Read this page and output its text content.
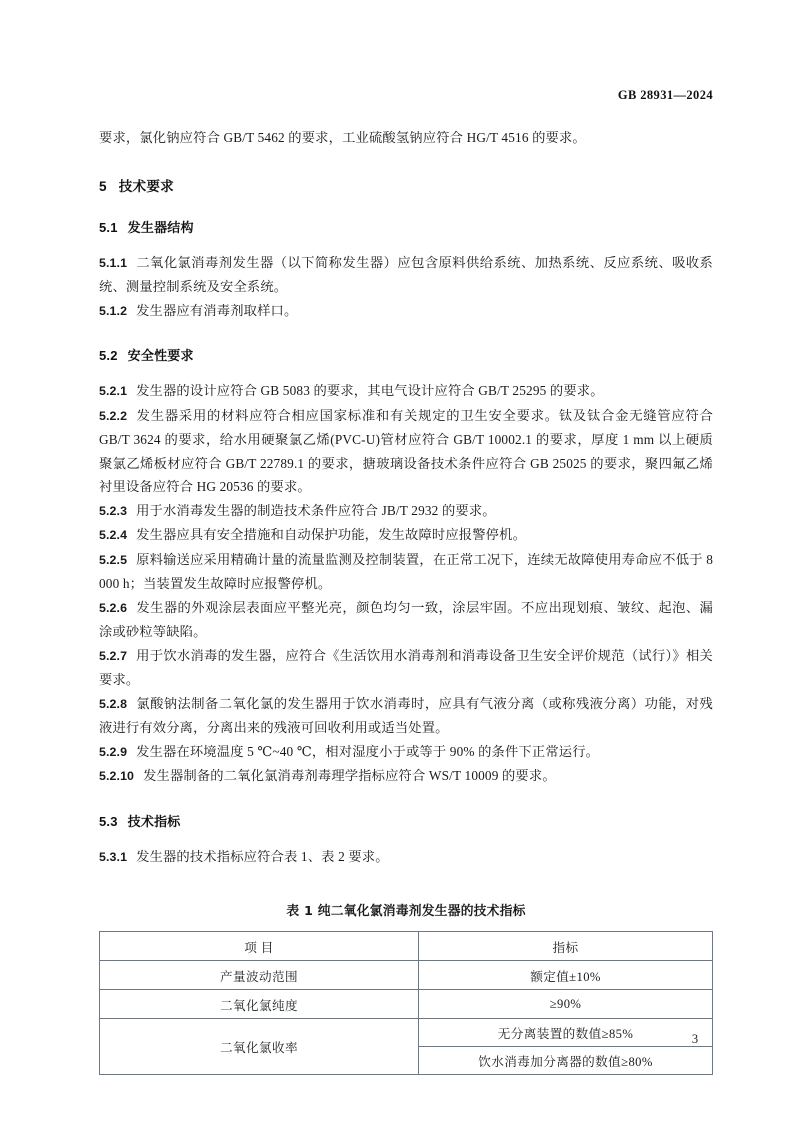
GB 28931—2024

要求，氯化钠应符合 GB/T 5462 的要求，工业硫酸氢钠应符合 HG/T 4516 的要求。

5 技术要求
5.1 发生器结构

5.1.1 二氧化氯消毒剂发生器（以下简称发生器）应包含原料供给系统、加热系统、反应系统、吸收系统、测量控制系统及安全系统。

5.1.2 发生器应有消毒剂取样口。

5.2 安全性要求

5.2.1 发生器的设计应符合 GB 5083 的要求，其电气设计应符合 GB/T 25295 的要求。

5.2.2 发生器采用的材料应符合相应国家标准和有关规定的卫生安全要求。钛及钛合金无缝管应符合 GB/T 3624 的要求，给水用硬聚氯乙烯(PVC-U)管材应符合 GB/T 10002.1 的要求，厚度 1 mm 以上硬质聚氯乙烯板材应符合 GB/T 22789.1 的要求，搪玻璃设备技术条件应符合 GB 25025 的要求，聚四氟乙烯衬里设备应符合 HG 20536 的要求。

5.2.3 用于水消毒发生器的制造技术条件应符合 JB/T 2932 的要求。

5.2.4 发生器应具有安全措施和自动保护功能，发生故障时应报警停机。

5.2.5 原料输送应采用精确计量的流量监测及控制装置，在正常工况下，连续无故障使用寿命应不低于 8 000 h；当装置发生故障时应报警停机。

5.2.6 发生器的外观涂层表面应平整光亮，颜色均匀一致，涂层牢固。不应出现划痕、皱纹、起泡、漏涂或砂粒等缺陷。

5.2.7 用于饮水消毒的发生器，应符合《生活饮用水消毒剂和消毒设备卫生安全评价规范（试行）》相关要求。

5.2.8 氯酸钠法制备二氧化氯的发生器用于饮水消毒时，应具有气液分离（或称残液分离）功能，对残液进行有效分离，分离出来的残液可回收利用或适当处置。

5.2.9 发生器在环境温度 5 ℃~40 ℃，相对湿度小于或等于 90% 的条件下正常运行。

5.2.10 发生器制备的二氧化氯消毒剂毒理学指标应符合 WS/T 10009 的要求。

5.3 技术指标

5.3.1 发生器的技术指标应符合表 1、表 2 要求。

表 1 纯二氧化氯消毒剂发生器的技术指标
项 目	指标
产量波动范围	额定值±10%
二氧化氯纯度	≥90%
二氧化氯收率	无分离装置的数值≥85%
	饮水消毒加分离器的数值≥80%
3
